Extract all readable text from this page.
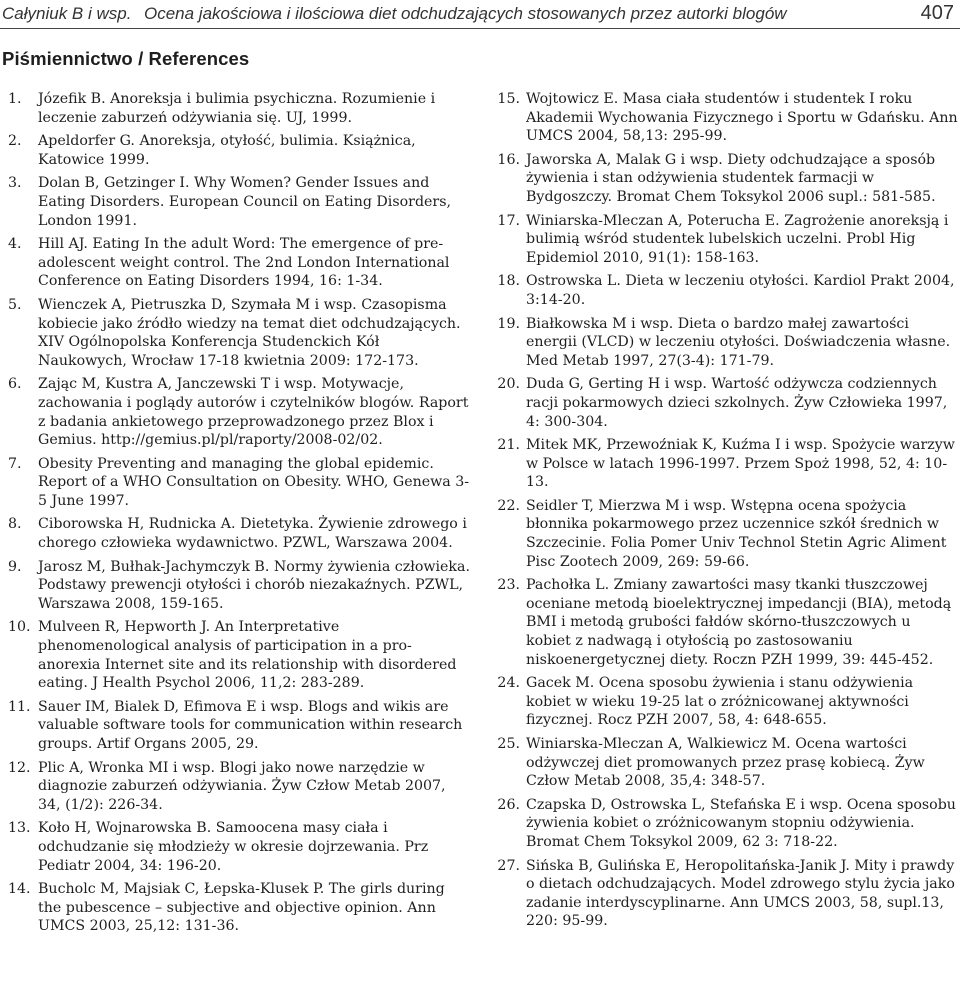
Całyniuk B i wsp. Ocena jakościowa i ilościowa diet odchudzających stosowanych przez autorki blogów	407
Piśmiennictwo / References
1.	Józefik B. Anoreksja i bulimia psychiczna. Rozumienie i leczenie zaburzeń odżywiania się. UJ, 1999.
2.	Apeldorfer G. Anoreksja, otyłość, bulimia. Książnica, Katowice 1999.
3.	Dolan B, Getzinger I. Why Women? Gender Issues and Eating Disorders. European Council on Eating Disorders, London 1991.
4.	Hill AJ. Eating In the adult Word: The emergence of pre-adolescent weight control. The 2nd London International Conference on Eating Disorders 1994, 16: 1-34.
5.	Wienczek A, Pietruszka D, Szymała M i wsp. Czasopisma kobiecie jako źródło wiedzy na temat diet odchudzających. XIV Ogólnopolska Konferencja Studenckich Kół Naukowych, Wrocław 17-18 kwietnia 2009: 172-173.
6.	Zając M, Kustra A, Janczewski T i wsp. Motywacje, zachowania i poglądy autorów i czytelników blogów. Raport z badania ankietowego przeprowadzonego przez Blox i Gemius. http://gemius.pl/pl/raporty/2008-02/02.
7.	Obesity Preventing and managing the global epidemic. Report of a WHO Consultation on Obesity. WHO, Genewa 3-5 June 1997.
8.	Ciborowska H, Rudnicka A. Dietetyka. Żywienie zdrowego i chorego człowieka wydawnictwo. PZWL, Warszawa 2004.
9.	Jarosz M, Bułhak-Jachymczyk B. Normy żywienia człowieka. Podstawy prewencji otyłości i chorób niezakaźnych. PZWL, Warszawa 2008, 159-165.
10. Mulveen R, Hepworth J. An Interpretative phenomenological analysis of participation in a pro-anorexia Internet site and its relationship with disordered eating. J Health Psychol 2006, 11,2: 283-289.
11. Sauer IM, Bialek D, Efimova E i wsp. Blogs and wikis are valuable software tools for communication within research groups. Artif Organs 2005, 29.
12. Plic A, Wronka MI i wsp. Blogi jako nowe narzędzie w diagnozie zaburzeń odżywiania. Żyw Człow Metab 2007, 34, (1/2): 226-34.
13. Koło H, Wojnarowska B. Samoocena masy ciała i odchudzanie się młodzieży w okresie dojrzewania. Prz Pediatr 2004, 34: 196-20.
14. Bucholc M, Majsiak C, Łepska-Klusek P. The girls during the pubescence – subjective and objective opinion. Ann UMCS 2003, 25,12: 131-36.
15. Wojtowicz E. Masa ciała studentów i studentek I roku Akademii Wychowania Fizycznego i Sportu w Gdańsku. Ann UMCS 2004, 58,13: 295-99.
16. Jaworska A, Malak G i wsp. Diety odchudzające a sposób żywienia i stan odżywienia studentek farmacji w Bydgoszczy. Bromat Chem Toksykol 2006 supl.: 581-585.
17. Winiarska-Mleczan A, Poterucha E. Zagrożenie anoreksją i bulimią wśród studentek lubelskich uczelni. Probl Hig Epidemiol 2010, 91(1): 158-163.
18. Ostrowska L. Dieta w leczeniu otyłości. Kardiol Prakt 2004, 3:14-20.
19. Białkowska M i wsp. Dieta o bardzo małej zawartości energii (VLCD) w leczeniu otyłości. Doświadczenia własne. Med Metab 1997, 27(3-4): 171-79.
20. Duda G, Gerting H i wsp. Wartość odżywcza codziennych racji pokarmowych dzieci szkolnych. Żyw Człowieka 1997, 4: 300-304.
21. Mitek MK, Przewoźniak K, Kuźma I i wsp. Spożycie warzyw w Polsce w latach 1996-1997. Przem Spoż 1998, 52, 4: 10-13.
22. Seidler T, Mierzwa M i wsp. Wstępna ocena spożycia błonnika pokarmowego przez uczennice szkół średnich w Szczecinie. Folia Pomer Univ Technol Stetin Agric Aliment Pisc Zootech 2009, 269: 59-66.
23. Pachołka L. Zmiany zawartości masy tkanki tłuszczowej oceniane metodą bioelektrycznej impedancji (BIA), metodą BMI i metodą grubości fałdów skórno-tłuszczowych u kobiet z nadwagą i otyłością po zastosowaniu niskoenergetycznej diety. Roczn PZH 1999, 39: 445-452.
24. Gacek M. Ocena sposobu żywienia i stanu odżywienia kobiet w wieku 19-25 lat o zróżnicowanej aktywności fizycznej. Rocz PZH 2007, 58, 4: 648-655.
25. Winiarska-Mleczan A, Walkiewicz M. Ocena wartości odżywczej diet promowanych przez prasę kobiecą. Żyw Człow Metab 2008, 35,4: 348-57.
26. Czapska D, Ostrowska L, Stefańska E i wsp. Ocena sposobu żywienia kobiet o zróżnicowanym stopniu odżywienia. Bromat Chem Toksykol 2009, 62 3: 718-22.
27. Sińska B, Gulińska E, Heropolitańska-Janik J. Mity i prawdy o dietach odchudzających. Model zdrowego stylu życia jako zadanie interdyscyplinarne. Ann UMCS 2003, 58, supl.13, 220: 95-99.
